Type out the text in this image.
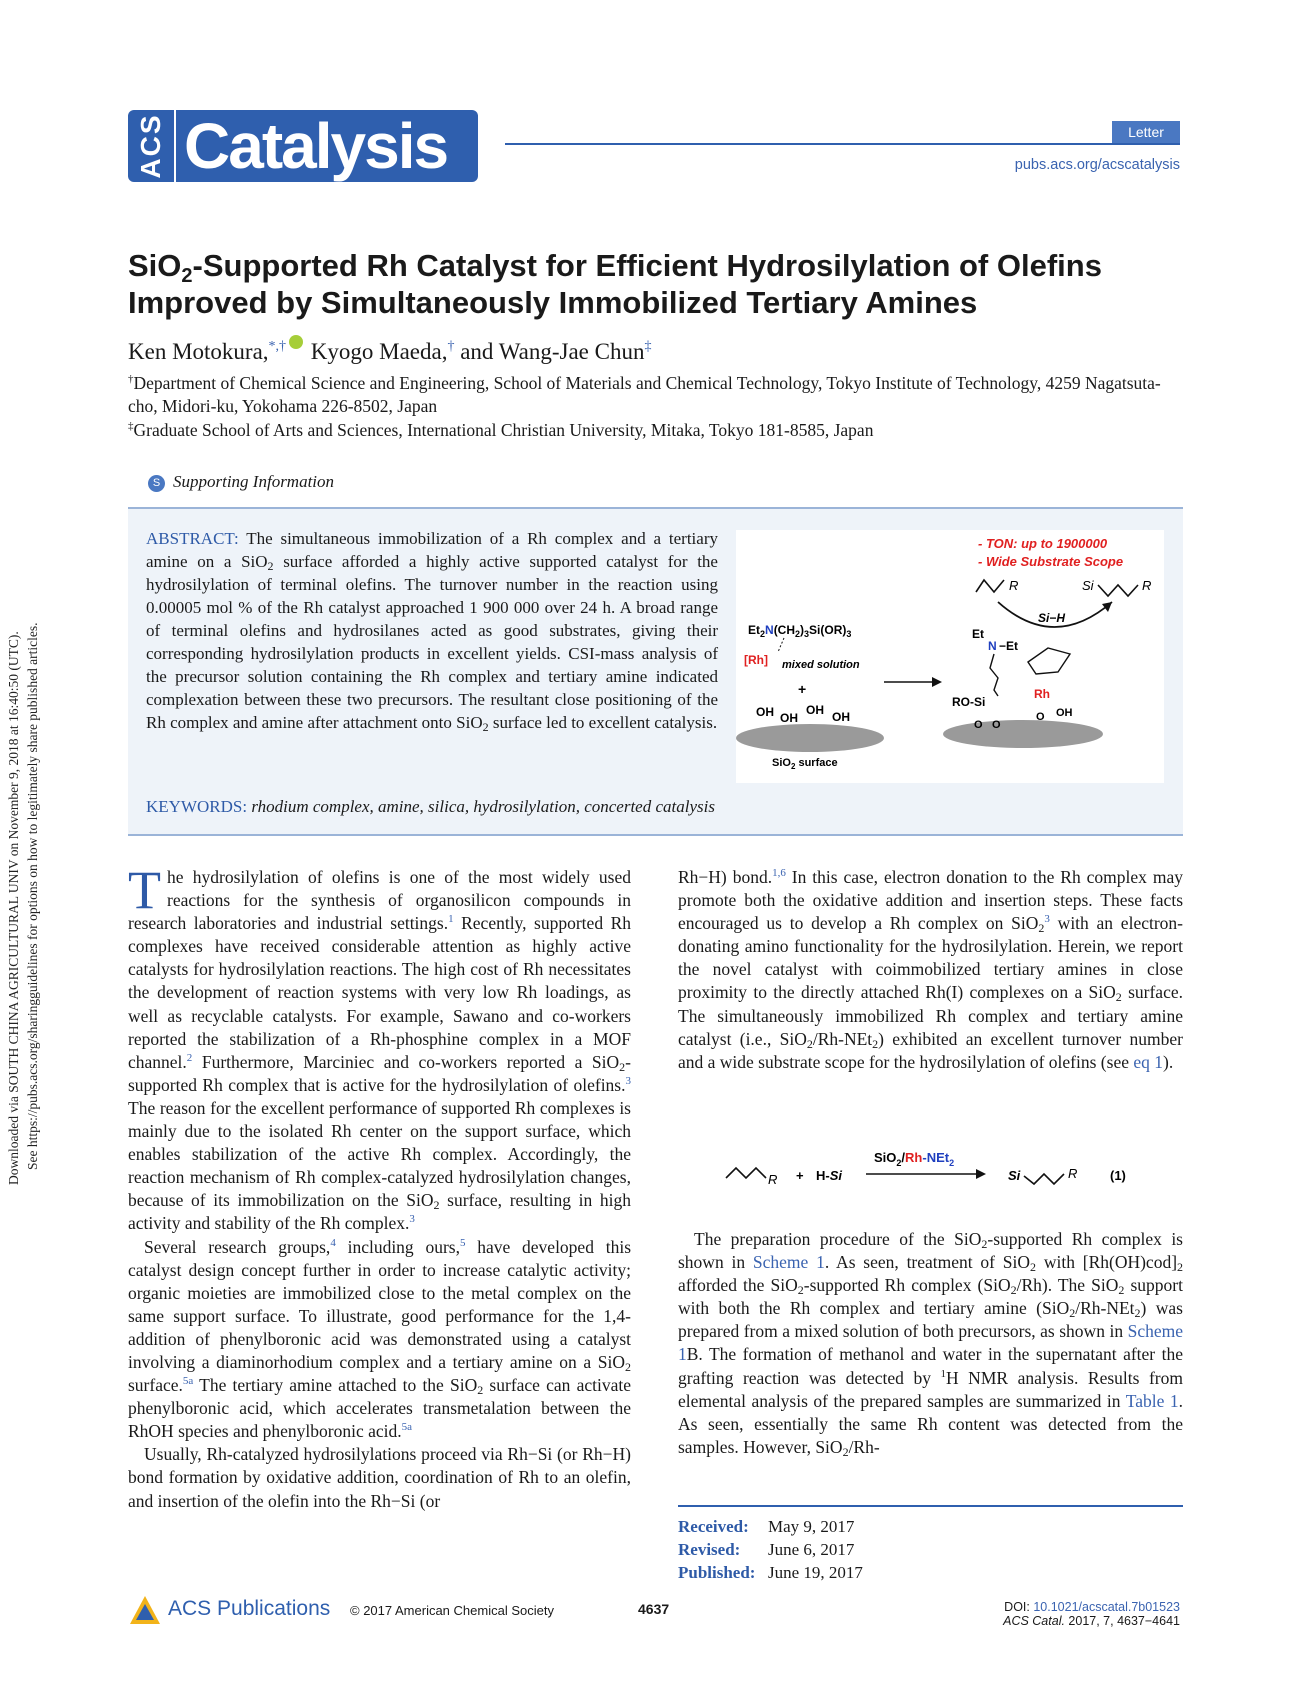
Downloaded via SOUTH CHINA AGRICULTURAL UNIV on November 9, 2018 at 16:40:50 (UTC). See https://pubs.acs.org/sharingguidelines for options on how to legitimately share published articles.
ACS Catalysis	Letter
pubs.acs.org/acscatalysis
SiO$_2$-Supported Rh Catalyst for Efficient Hydrosilylation of Olefins
Improved by Simultaneously Immobilized Tertiary Amines
Ken Motokura,*,† Kyogo Maeda,† and Wang-Jae Chun‡
†Department of Chemical Science and Engineering, School of Materials and Chemical Technology, Tokyo Institute of Technology, 4259 Nagatsuta-cho, Midori-ku, Yokohama 226-8502, Japan
‡Graduate School of Arts and Sciences, International Christian University, Mitaka, Tokyo 181-8585, Japan
S Supporting Information
ABSTRACT: The simultaneous immobilization of a Rh complex and a tertiary amine on a SiO$_2$ surface afforded a highly active supported catalyst for the hydrosilylation of terminal olefins. The turnover number in the reaction using 0.00005 mol % of the Rh catalyst approached 1 900 000 over 24 h. A broad range of terminal olefins and hydrosilanes acted as good substrates, giving their corresponding hydrosilylation products in excellent yields. CSI-mass analysis of the precursor solution containing the Rh complex and tertiary amine indicated complexation between these two precursors. The resultant close positioning of the Rh complex and amine after attachment onto SiO$_2$ surface led to excellent catalysis.
KEYWORDS: rhodium complex, amine, silica, hydrosilylation, concerted catalysis
- TON: up to 1900000
- Wide Substrate Scope
R	Si	R
Si−H
$Et_2N(CH_2)_3Si(OR)_3$
[Rh] mixed solution
+
OH OH
OH OH
SiO$_2$ surface
Et
N −Et
RO-Si
O O
Rh
O OH

The hydrosilylation of olefins is one of the most widely used reactions for the synthesis of organosilicon compounds in research laboratories and industrial settings.$^1$ Recently, supported Rh complexes have received considerable attention as highly active catalysts for hydrosilylation reactions. The high cost of Rh necessitates the development of reaction systems with very low Rh loadings, as well as recyclable catalysts. For example, Sawano and co-workers reported the stabilization of a Rh-phosphine complex in a MOF channel.$^2$ Furthermore, Marciniec and co-workers reported a SiO$_2$-supported Rh complex that is active for the hydrosilylation of olefins.$^3$ The reason for the excellent performance of supported Rh complexes is mainly due to the isolated Rh center on the support surface, which enables stabilization of the active Rh complex. Accordingly, the reaction mechanism of Rh complex-catalyzed hydrosilylation changes, because of its immobilization on the SiO$_2$ surface, resulting in high activity and stability of the Rh complex.$^3$

Several research groups,$^4$ including ours,$^5$ have developed this catalyst design concept further in order to increase catalytic activity; organic moieties are immobilized close to the metal complex on the same support surface. To illustrate, good performance for the 1,4-addition of phenylboronic acid was demonstrated using a catalyst involving a diaminorhodium complex and a tertiary amine on a SiO$_2$ surface.$^{5a}$ The tertiary amine attached to the SiO$_2$ surface can activate phenylboronic acid, which accelerates transmetalation between the RhOH species and phenylboronic acid.$^{5a}$

Usually, Rh-catalyzed hydrosilylations proceed via Rh−Si (or Rh−H) bond formation by oxidative addition, coordination of Rh to an olefin, and insertion of the olefin into the Rh−Si (or

Rh−H) bond.$^{1,6}$ In this case, electron donation to the Rh complex may promote both the oxidative addition and insertion steps. These facts encouraged us to develop a Rh complex on SiO$_2^3$ with an electron-donating amino functionality for the hydrosilylation. Herein, we report the novel catalyst with coimmobilized tertiary amines in close proximity to the directly attached Rh(I) complexes on a SiO$_2$ surface. The simultaneously immobilized Rh complex and tertiary amine catalyst (i.e., SiO$_2$/Rh-NEt$_2$) exhibited an excellent turnover number and a wide substrate scope for the hydrosilylation of olefins (see eq 1).

R + H-Si
SiO$_2$/Rh-NEt$_2$
Si	R	(1)

The preparation procedure of the SiO$_2$-supported Rh complex is shown in Scheme 1. As seen, treatment of SiO$_2$ with $[Rh(OH)cod]_2$ afforded the SiO$_2$-supported Rh complex (SiO$_2$/Rh). The SiO$_2$ support with both the Rh complex and tertiary amine (SiO$_2$/Rh-NEt$_2$) was prepared from a mixed solution of both precursors, as shown in Scheme 1B. The formation of methanol and water in the supernatant after the grafting reaction was detected by $^1$H NMR analysis. Results from elemental analysis of the prepared samples are summarized in Table 1. As seen, essentially the same Rh content was detected from the samples. However, SiO$_2$/Rh-

Received: May 9, 2017
Revised: June 6, 2017
Published: June 19, 2017
ACS Publications © 2017 American Chemical Society	4637	DOI: 10.1021/acscatal.7b01523
ACS Catal. 2017, 7, 4637−4641
